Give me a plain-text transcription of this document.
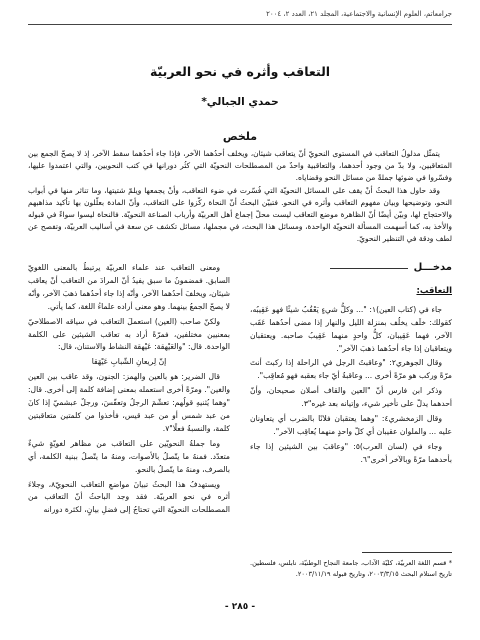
جرامعاتم، العلوم الإنسانية والاجتماعية، المجلد ٢١، العدد ٢، ٢٠٠٤
التعاقب وأثره في نحو العربيّة
حمدي الجبالي*
ملخص

يتمثّل مدلولُ التعاقب في المستوى النحويّ أنّ يتعاقب شيئان، ويخلف أحدُهما الآخر، فإذا جاء أحدُهما سقط الآخر، إذ لا يصحّ الجمع بين المتعاقبين، ولا بدّ من وجود أحدهما، والتعاقبية واحدٌ من المصطلحات النحويّة التي كثُر دورانها في كتب النحويين، والتي اعتمدوا عليها، وفسّروا في ضوئها جملةً من مسائل النحو وقضاياه.

وقد حاول هذا البحثُ أنْ يقف على المسائل النحويّة التي فُسّرت في ضوء التعاقب، وأنْ يجمعها ويلمّ شتيتها، وما تناثر منها في أبواب النحو، وتوضيحها وبيان مفهوم التعاقب وأثره في النحو. فتبيّن البحثُ أنّ النحاة ركّزوا على التعاقب، وأنّ المادة بعلّلون بها تأكيد مذاهبهم والاحتجاج لها، وبيّن أيضًا أنّ الظاهرة موضع التعاقب ليست محلّ إجماع أهل العربيّة وأرباب الصناعة النحويّة. فالنحاة ليسوا سواءً في قبوله والأخذ به، كما أسهمت المسألة النحويّة الواحدة، ومسائل هذا البحث، في مجملها، مسائل تكشف عن سعة في أساليب العربيّة، وتفصح عن لطف ودقة في التنظير النحويّ.

مدخـــل
التعاقب:

جاء في (كتاب العين)١: "... وكلُّ شيءٍ يَعْقُبُ شيئًا فهو عَقِيبُه، كقولك: خلَف يخلُف بمنزلة الليل والنهار إذا مضى أحدُهما عَقَب الآخر، فهما عَقِيبان، كلُّ واحدٍ منهما عَقِيبُ صاحبه. ويعتقبان ويتعاقبان إذا جاء أحدُهما ذهبَ الآخر".

وقال الجوهري٢: "وعاقبتُ الرجل في الراحلة إذا ركبتَ أنتَ مرّةً وركب هو مرّةً أخرى ... وعاقبةُ أيّ جاء بعقبه فهو مُعاقِب".

وذكر ابن فارس أنّ "العين والقاف أصلان صحيحان، وأنّ أحدهما يدلّ على تأخير شيء، وإتيانه بعد غيره"٣.

وقال الزمخشري٤: "وهما يعتقبان فلانًا بالضرب أي يتعاونان عليه ... والملوان عقيبان أي كلّ واحدٍ منهما يُعاقِب الآخر".

وجاء في (لسان العرب)٥: "وعاقبَ بين الشيئين إذا جاء بأحدهما مرّةً وبالآخر أخرى"٦.

ومعنى التعاقب عند علماء العربيّة يرتبطُ بالمعنى اللغويّ السابق. فمضمونُ ما سبق يفيدُ أنّ المرادَ من التعاقب أنْ يعاقب شيئان، ويخلفَ أحدُهما الآخر، وأنّه إذا جاء أحدُهما ذهبَ الآخر، وأنّه لا يصحّ الجمعُ بينهما. وهو معنى أراده علماءُ اللغة، كما يأتي.

ولكنّ صاحب (العين) استعملَ التعاقب في سياقه الاصطلاحيّ بمعنيين مختلفين، فمرّةً أراد به تعاقب الشيئين على الكلمة الواحدة. قال: "والعَيْهقة: عَيْهقة النشاط والاستنان، قال:

إنّ لِريعانِ الشّبابِ عَيْهَقا

قال الضرير: هو بالعين والهمز: الجنون، وقد عاقب بين العين والغين". ومرّةً أخرى استعمله بمعنى إضافة كلمة إلى أخرى. قال: "وهما يُثنيهِ قولُهم: تعشّمَ الرجلُ وتعفّسَ، ورجلٌ عبشميّ إذا كانَ من عبد شمس أو من عبد قيس، فأخذوا من كلمتين متعاقبتين كلمة، والنسبةُ فعلًا"٧.

وما جملةُ النحويّين على التعاقب من مظاهر لغويّةٍ شيءٌ متعدّد. فمنهُ ما يتّصلُ بالأصوات، ومنهُ ما يتّصلُ ببنية الكلمة، أي بالصرف، ومنهُ ما يتّصلُ بالنحو.

ويستهدفُ هذا البحثُ تبيانَ مواضعِ التعاقب النحويّ٨، وجلاءَ أثره في نحو العربيّة. فقد وجد الباحثُ أنّ التعاقب من المصطلحات النحويّة التي تحتاجُ إلى فضلِ بيانٍ، لكثرة دورانه

* قسم اللغة العربيّة، كليّة الآداب، جامعة النجاح الوطنيّة، نابلس، فلسطين. تاريخ استلام البحث ٢٠٠٣/٣/١٥، وتاريخ قبوله ٢٠٠٣/١١/١٩.
- ٢٨٥ -
